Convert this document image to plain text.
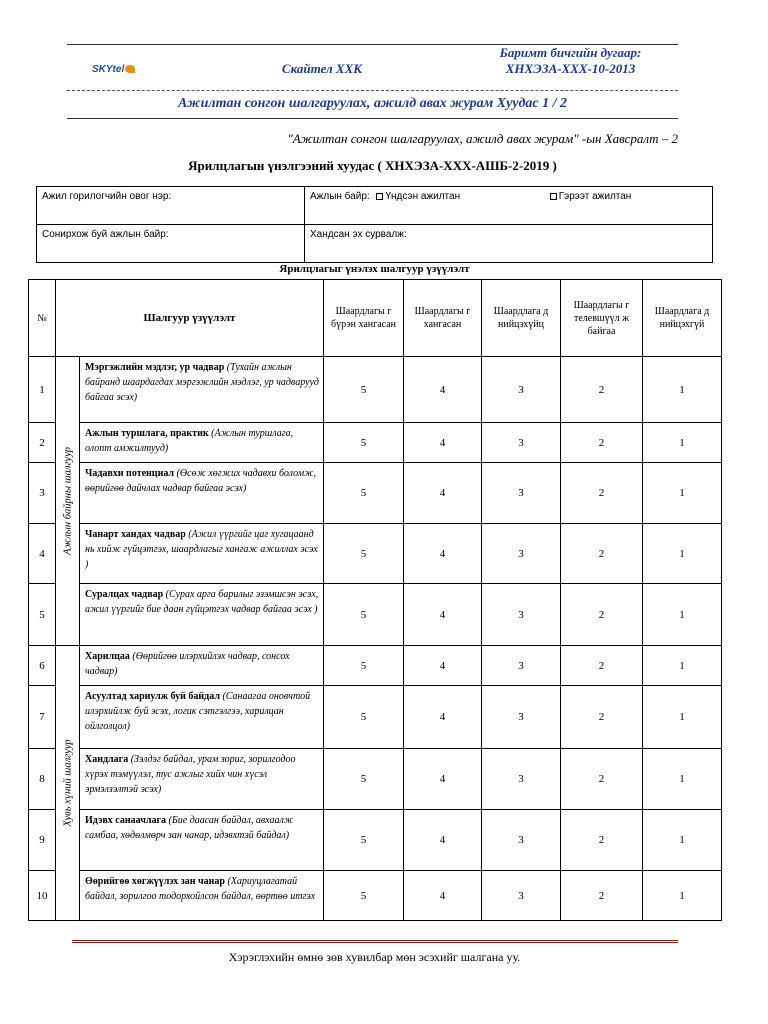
SKYtel	Скайтел ХХК
Баримт бичгийн дугаар:
ХНХЭЗА-ХХХ-10-2013
Ажилтан сонгон шалгаруулах, ажилд авах журам Хуудас 1 / 2
"Ажилтан сонгон шалгаруулах, ажилд авах журам" -ын Хавсралт – 2
Ярилцлагын үнэлгээний хуудас ( ХНХЭЗА-ХХХ-АШБ-2-2019 )
Ажил горилогчийн овог нэр:	Ажлын байр: Үндсэн ажилтан Гэрээт ажилтан
Сонирхож буй ажлын байр:	Хандсан эх сурвалж:
Ярилцлагыг үнэлэх шалгуур үзүүлэлт
№	Шалгуур үзүүлэлт		Шаардлагы г бүрэн хангасан	Шаардлагы г хангасан	Шаардлага д нийцэхүйц	Шаардлагы г телевшүүл ж байгаа	Шаардлага д нийцэхгүй
1	Ажлын байрны шалгуур	Мэргэжлийн мэдлэг, ур чадвар (Тухайн ажлын байранд шаардагдах мэргэжлийн мэдлэг, ур чадварууд байгаа эсэх)	5	4	3	2	1
2		Ажлын туршлага, практик (Ажлын туршлага, олопт амжилтууд)	5	4	3	2	1
3		Чадавхи потенциал (Өсөж хөгжих чадавхи боломж, өөрийгөө дайчлах чадвар байгаа эсэх)	5	4	3	2	1
4		Чанарт хандах чадвар (Ажил үүргийг цаг хугацаанд нь хийж гүйцэтгэх, шаардлагыг хангаж ажиллах эсэх )	5	4	3	2	1
5		Суралцах чадвар (Сурах арга барилыг эзэмшсэн эсэх, ажил үүргийг бие даан гүйцэтгэх чадвар байгаа эсэх )	5	4	3	2	1
6	Хувь хүний шалгуур	Харилцаа (Өөрийгөө илэрхийлэх чадвар, сонсох чадвар)	5	4	3	2	1
7		Асуултад хариулж буй байдал (Санаагаа оновчтой илэрхийлж буй эсэх, логик сэтгэлгээ, харилцан ойлголцол)	5	4	3	2	1
8		Хандлага (Зэлдэг байдал, урам зориг, зорилгодоо хүрэх тэмүүлэл, тус ажлыг хийх чин хүсэл эрмэлзэлтэй эсэх)	5	4	3	2	1
9		Идэвх санаачлага (Бие даасан байдал, авхаалж самбаа, хөдөлмөрч зан чанар, идэвхтэй байдал)	5	4	3	2	1
10		Өөрийгөө хөгжүүлэх зан чанар (Хариуцлагатай байдал, зорилгоо тодорхойлсон байдал, өөртөө итгэх	5	4	3	2	1
Хэрэглэхийн өмнө зөв хувилбар мөн эсэхийг шалгана уу.
